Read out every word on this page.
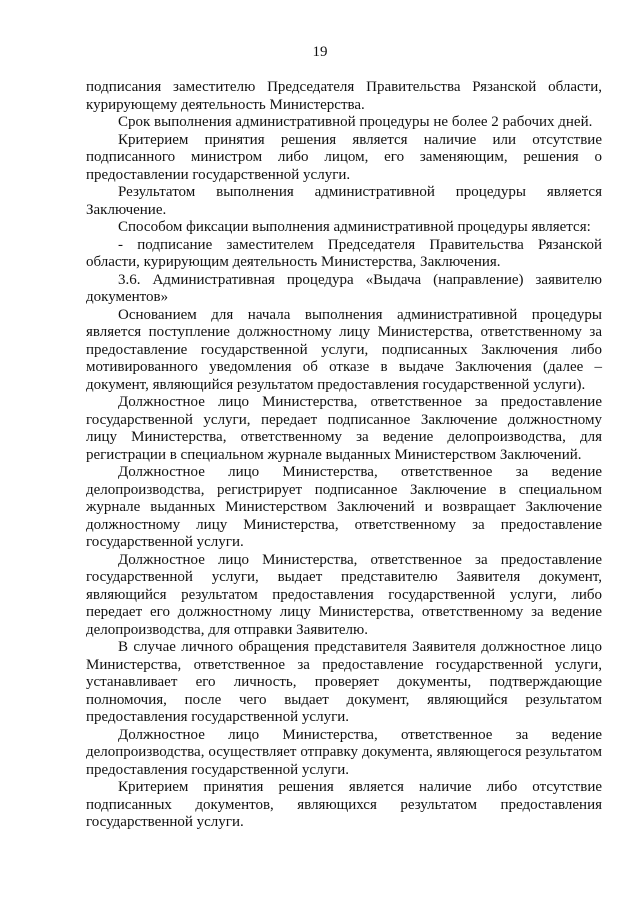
19

подписания заместителю Председателя Правительства Рязанской области, курирующему деятельность Министерства.

Срок выполнения административной процедуры не более 2 рабочих дней.

Критерием принятия решения является наличие или отсутствие подписанного министром либо лицом, его заменяющим, решения о предоставлении государственной услуги.

Результатом выполнения административной процедуры является Заключение.

Способом фиксации выполнения административной процедуры является:

- подписание заместителем Председателя Правительства Рязанской области, курирующим деятельность Министерства, Заключения.

3.6. Административная процедура «Выдача (направление) заявителю документов»

Основанием для начала выполнения административной процедуры является поступление должностному лицу Министерства, ответственному за предоставление государственной услуги, подписанных Заключения либо мотивированного уведомления об отказе в выдаче Заключения (далее – документ, являющийся результатом предоставления государственной услуги).

Должностное лицо Министерства, ответственное за предоставление государственной услуги, передает подписанное Заключение должностному лицу Министерства, ответственному за ведение делопроизводства, для регистрации в специальном журнале выданных Министерством Заключений.

Должностное лицо Министерства, ответственное за ведение делопроизводства, регистрирует подписанное Заключение в специальном журнале выданных Министерством Заключений и возвращает Заключение должностному лицу Министерства, ответственному за предоставление государственной услуги.

Должностное лицо Министерства, ответственное за предоставление государственной услуги, выдает представителю Заявителя документ, являющийся результатом предоставления государственной услуги, либо передает его должностному лицу Министерства, ответственному за ведение делопроизводства, для отправки Заявителю.

В случае личного обращения представителя Заявителя должностное лицо Министерства, ответственное за предоставление государственной услуги, устанавливает его личность, проверяет документы, подтверждающие полномочия, после чего выдает документ, являющийся результатом предоставления государственной услуги.

Должностное лицо Министерства, ответственное за ведение делопроизводства, осуществляет отправку документа, являющегося результатом предоставления государственной услуги.

Критерием принятия решения является наличие либо отсутствие подписанных документов, являющихся результатом предоставления государственной услуги.
